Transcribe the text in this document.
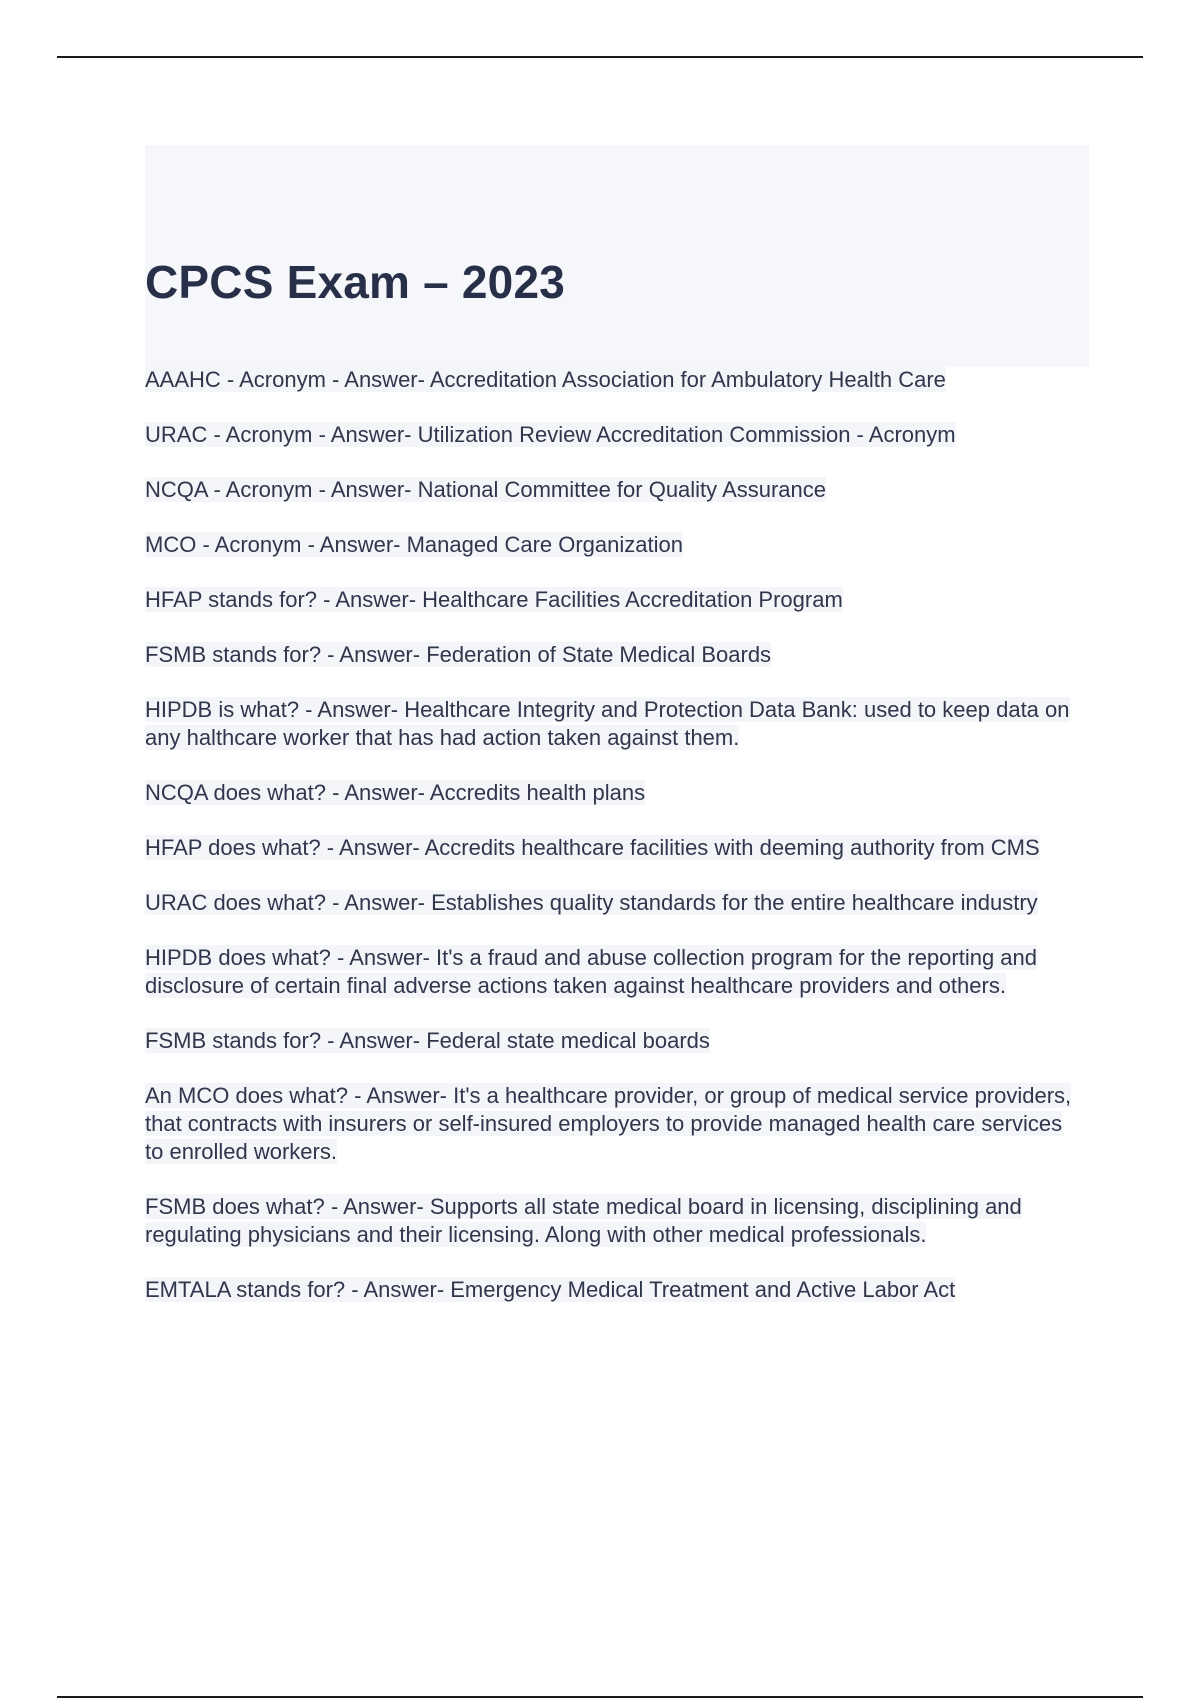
CPCS Exam – 2023
AAAHC - Acronym - Answer- Accreditation Association for Ambulatory Health Care
URAC - Acronym - Answer- Utilization Review Accreditation Commission - Acronym
NCQA - Acronym - Answer- National Committee for Quality Assurance
MCO - Acronym - Answer- Managed Care Organization
HFAP stands for? - Answer- Healthcare Facilities Accreditation Program
FSMB stands for? - Answer- Federation of State Medical Boards
HIPDB is what? - Answer- Healthcare Integrity and Protection Data Bank: used to keep data on any halthcare worker that has had action taken against them.
NCQA does what? - Answer- Accredits health plans
HFAP does what? - Answer- Accredits healthcare facilities with deeming authority from CMS
URAC does what? - Answer- Establishes quality standards for the entire healthcare industry
HIPDB does what? - Answer- It's a fraud and abuse collection program for the reporting and disclosure of certain final adverse actions taken against healthcare providers and others.
FSMB stands for? - Answer- Federal state medical boards
An MCO does what? - Answer- It's a healthcare provider, or group of medical service providers, that contracts with insurers or self-insured employers to provide managed health care services to enrolled workers.
FSMB does what? - Answer- Supports all state medical board in licensing, disciplining and regulating physicians and their licensing. Along with other medical professionals.
EMTALA stands for? - Answer- Emergency Medical Treatment and Active Labor Act
